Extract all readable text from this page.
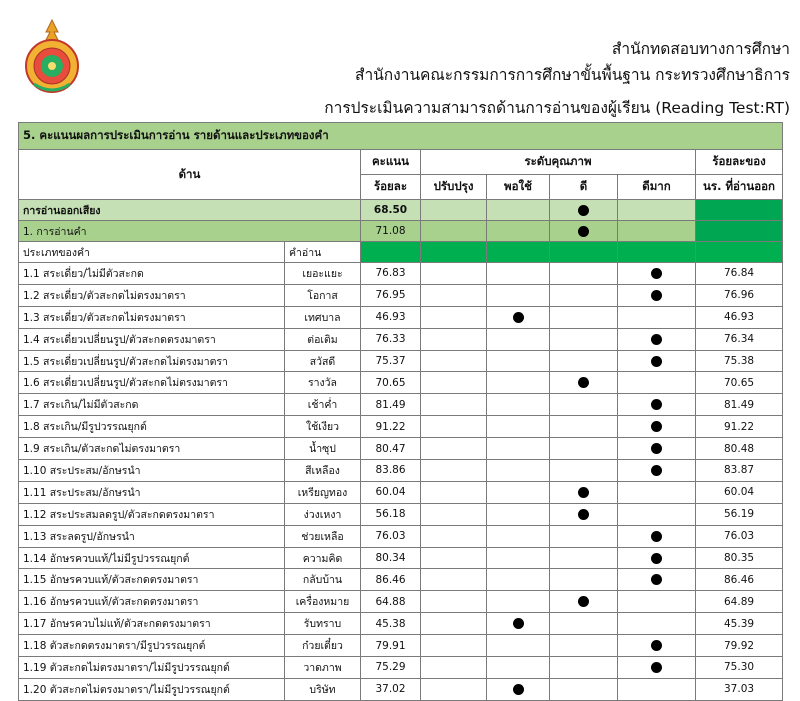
สำนักทดสอบทางการศึกษา
สำนักงานคณะกรรมการการศึกษาขั้นพื้นฐาน กระทรวงศึกษาธิการ
การประเมินความสามารถด้านการอ่านของผู้เรียน (Reading Test:RT)
5. คะแนนผลการประเมินการอ่าน รายด้านและประเภทของคำ							
ด้าน		คะแนน	ระดับคุณภาพ				ร้อยละของ
		ร้อยละ	ปรับปรุง	พอใช้	ดี	ดีมาก	นร. ที่อ่านออก
การอ่านออกเสียง		68.50					
1. การอ่านคำ		71.08					
ประเภทของคำ	คำอ่าน						
1.1 สระเดี่ยว/ไม่มีตัวสะกด	เยอะแยะ	76.83					76.84
1.2 สระเดี่ยว/ตัวสะกดไม่ตรงมาตรา	โอกาส	76.95					76.96
1.3 สระเดี่ยว/ตัวสะกดไม่ตรงมาตรา	เทศบาล	46.93					46.93
1.4 สระเดี่ยวเปลี่ยนรูป/ตัวสะกดตรงมาตรา	ต่อเติม	76.33					76.34
1.5 สระเดี่ยวเปลี่ยนรูป/ตัวสะกดไม่ตรงมาตรา	สวัสดี	75.37					75.38
1.6 สระเดี่ยวเปลี่ยนรูป/ตัวสะกดไม่ตรงมาตรา	รางวัล	70.65					70.65
1.7 สระเกิน/ไม่มีตัวสะกด	เช้าค่ำ	81.49					81.49
1.8 สระเกิน/มีรูปวรรณยุกต์	ใช้เงียว	91.22					91.22
1.9 สระเกิน/ตัวสะกดไม่ตรงมาตรา	น้ำซุป	80.47					80.48
1.10 สระประสม/อักษรนำ	สีเหลือง	83.86					83.87
1.11 สระประสม/อักษรนำ	เหรียญทอง	60.04					60.04
1.12 สระประสมลดรูป/ตัวสะกดตรงมาตรา	ง่วงเหงา	56.18					56.19
1.13 สระลดรูป/อักษรนำ	ช่วยเหลือ	76.03					76.03
1.14 อักษรควบแท้/ไม่มีรูปวรรณยุกต์	ความคิด	80.34					80.35
1.15 อักษรควบแท้/ตัวสะกดตรงมาตรา	กลับบ้าน	86.46					86.46
1.16 อักษรควบแท้/ตัวสะกดตรงมาตรา	เครื่องหมาย	64.88					64.89
1.17 อักษรควบไม่แท้/ตัวสะกดตรงมาตรา	รับทราบ	45.38					45.39
1.18 ตัวสะกดตรงมาตรา/มีรูปวรรณยุกต์	ก๋วยเตี๋ยว	79.91					79.92
1.19 ตัวสะกดไม่ตรงมาตรา/ไม่มีรูปวรรณยุกต์	วาดภาพ	75.29					75.30
1.20 ตัวสะกดไม่ตรงมาตรา/ไม่มีรูปวรรณยุกต์	บริษัท	37.02					37.03
